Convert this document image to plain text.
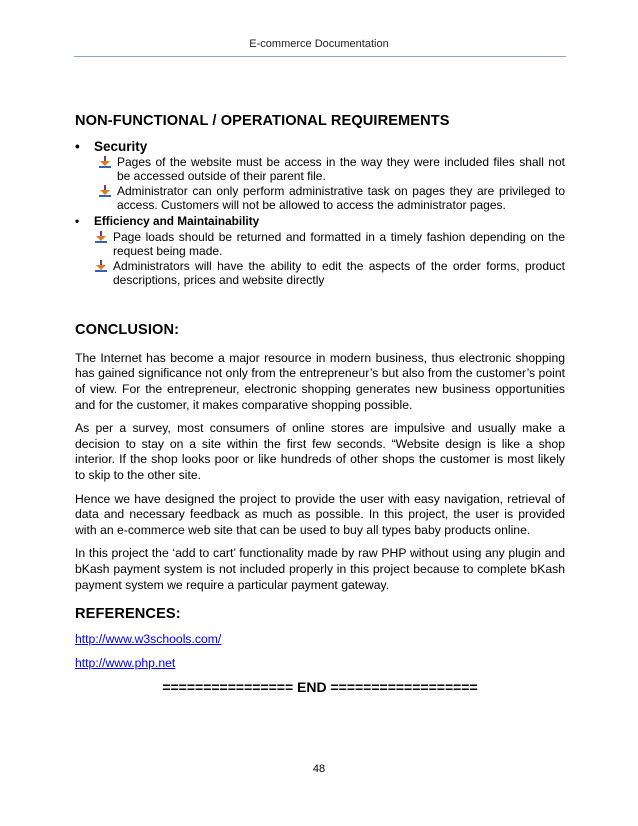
E-commerce Documentation
NON-FUNCTIONAL / OPERATIONAL REQUIREMENTS
• Security
Pages of the website must be access in the way they were included files shall not be accessed outside of their parent file.
Administrator can only perform administrative task on pages they are privileged to access. Customers will not be allowed to access the administrator pages.
• Efficiency and Maintainability
Page loads should be returned and formatted in a timely fashion depending on the request being made.
Administrators will have the ability to edit the aspects of the order forms, product descriptions, prices and website directly
CONCLUSION:

The Internet has become a major resource in modern business, thus electronic shopping has gained significance not only from the entrepreneur’s but also from the customer’s point of view. For the entrepreneur, electronic shopping generates new business opportunities and for the customer, it makes comparative shopping possible.

As per a survey, most consumers of online stores are impulsive and usually make a decision to stay on a site within the first few seconds. “Website design is like a shop interior. If the shop looks poor or like hundreds of other shops the customer is most likely to skip to the other site.

Hence we have designed the project to provide the user with easy navigation, retrieval of data and necessary feedback as much as possible. In this project, the user is provided with an e-commerce web site that can be used to buy all types baby products online.

In this project the ‘add to cart’ functionality made by raw PHP without using any plugin and bKash payment system is not included properly in this project because to complete bKash payment system we require a particular payment gateway.

REFERENCES:
http://www.w3schools.com/
http://www.php.net
================ END ==================
48
